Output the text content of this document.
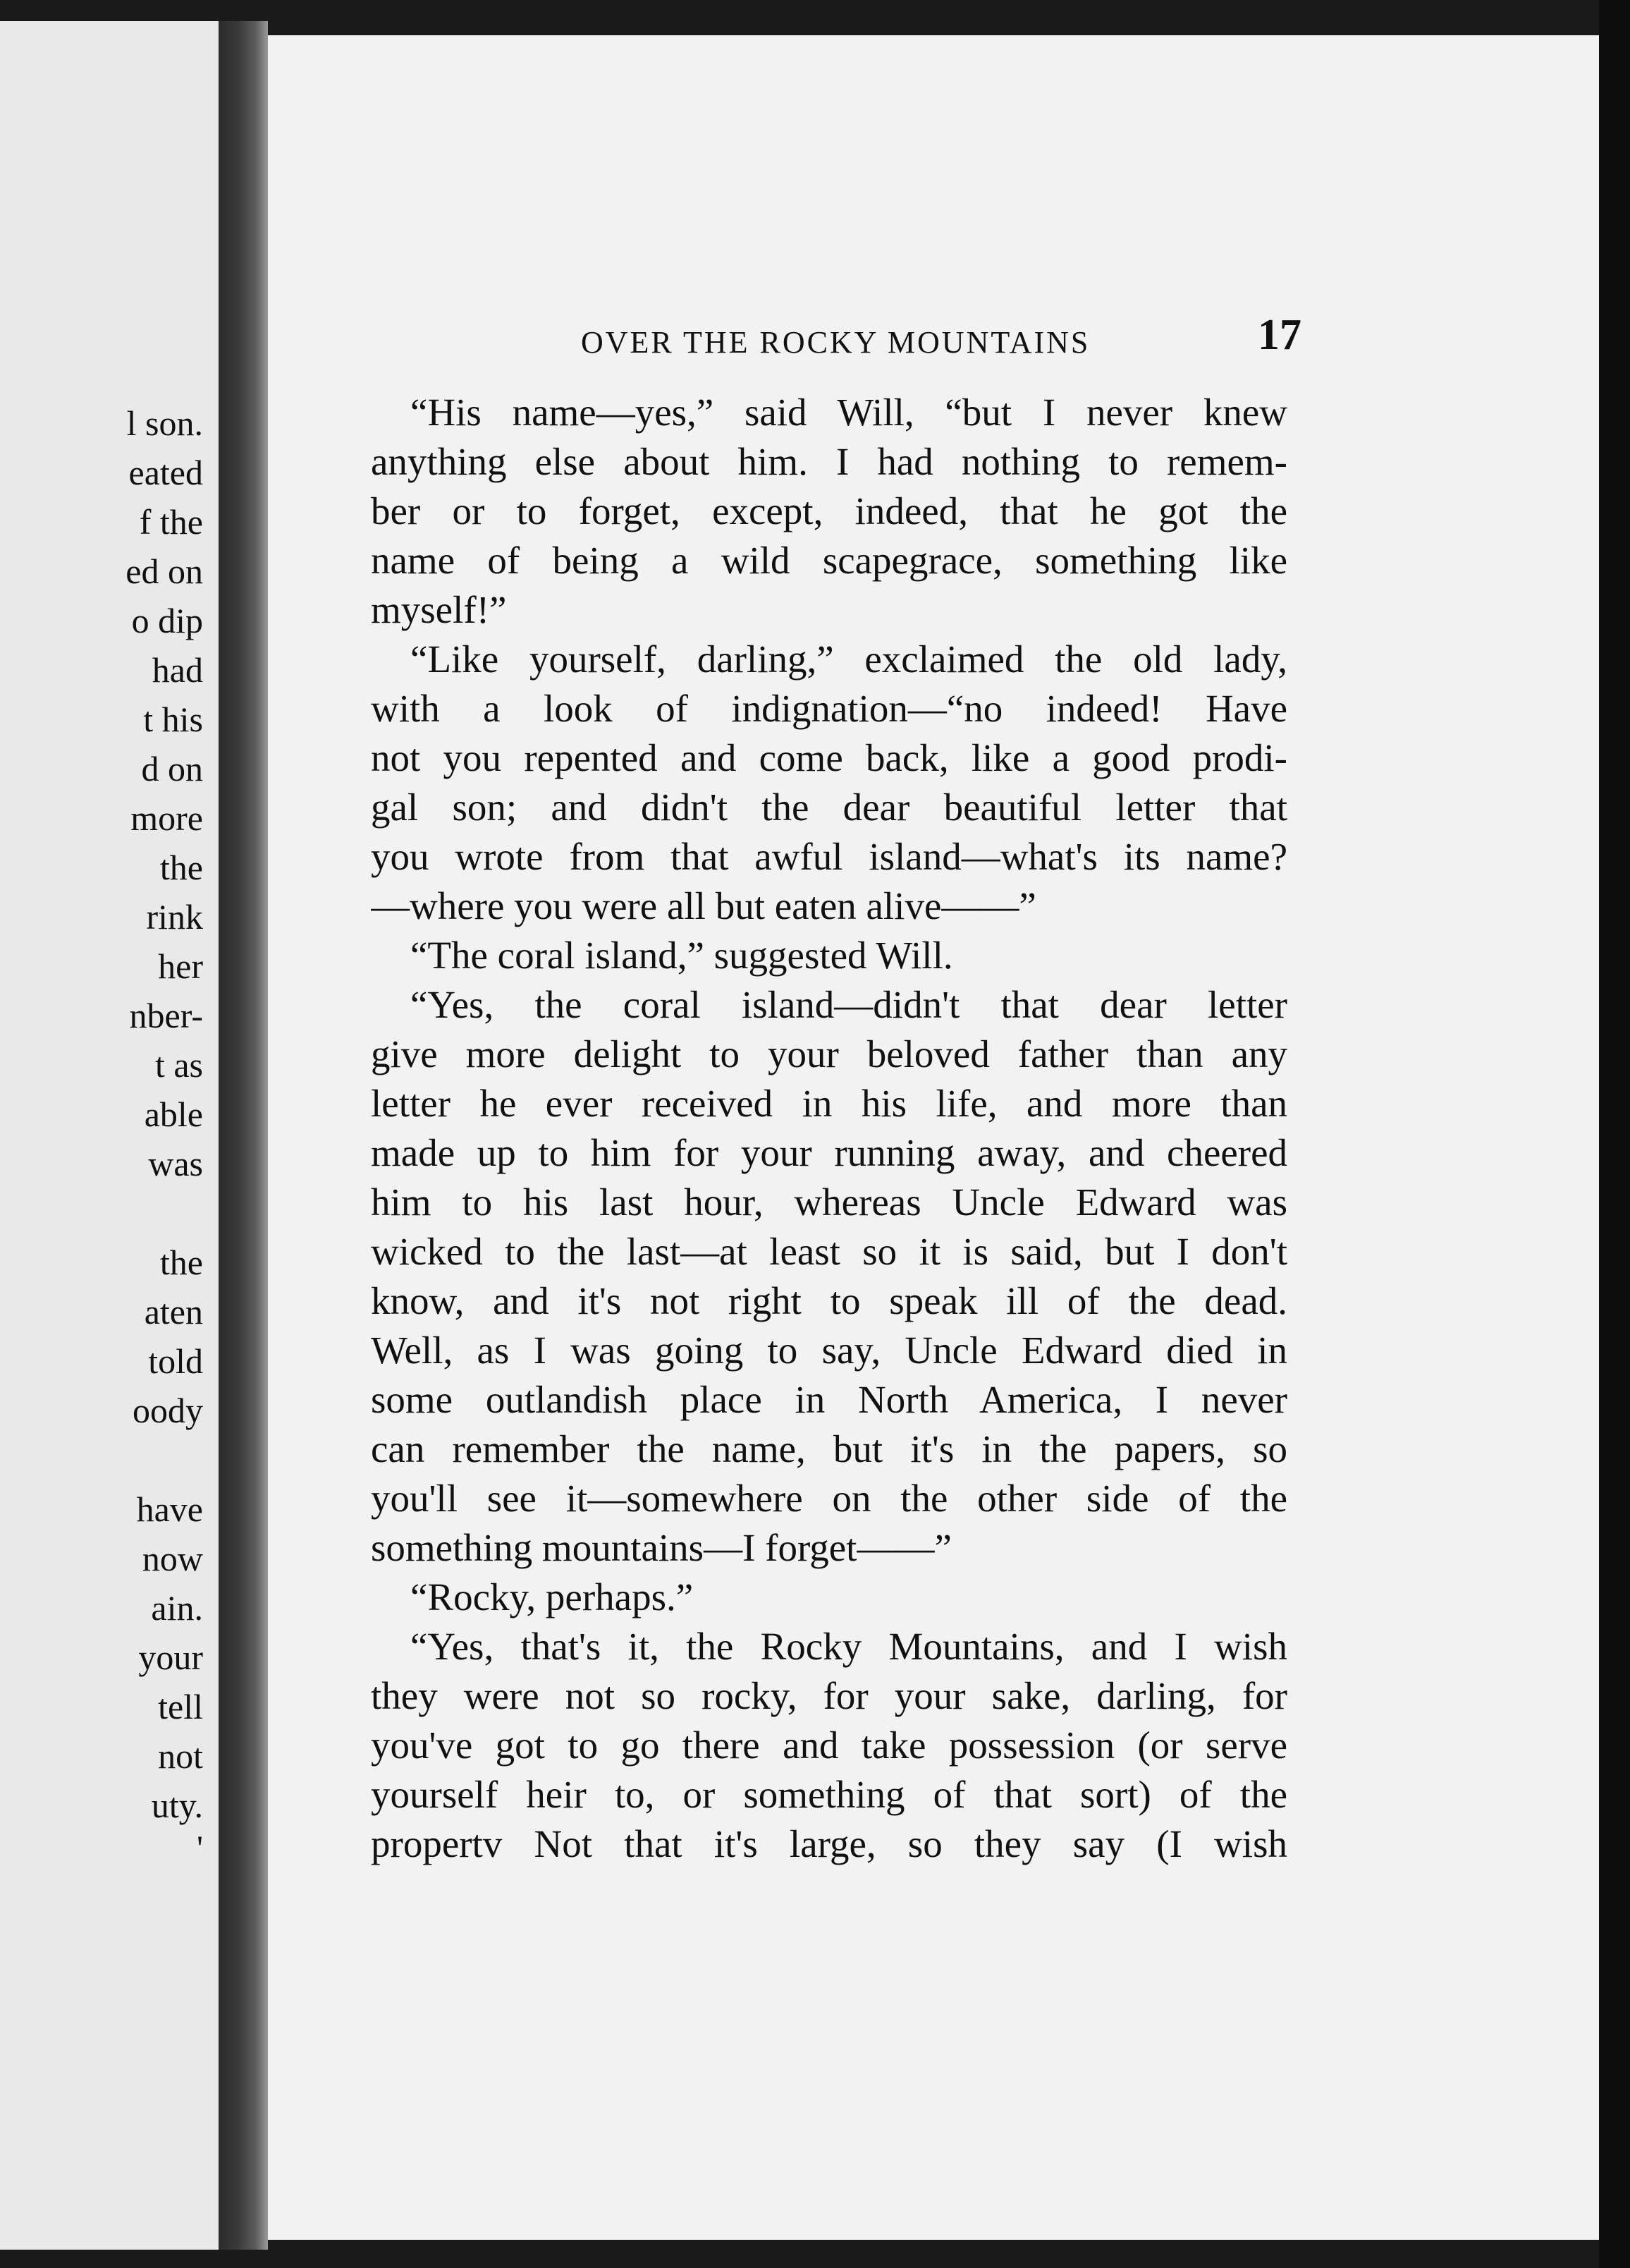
l son.
eated
f the
ed on
o dip
had
t his
d on
more
the
rink
her
nber-
t as
able
was
the
aten
told
oody
have
now
ain.
your
tell
not
uty.
'
OVER THE ROCKY MOUNTAINS	17
“His name—yes,” said Will, “but I never knew
anything else about him. I had nothing to remem-
ber or to forget, except, indeed, that he got the
name of being a wild scapegrace, something like
myself!”
“Like yourself, darling,” exclaimed the old lady,
with a look of indignation—“no indeed! Have
not you repented and come back, like a good prodi-
gal son; and didn't the dear beautiful letter that
you wrote from that awful island—what's its name?
—where you were all but eaten alive——”
“The coral island,” suggested Will.
“Yes, the coral island—didn't that dear letter
give more delight to your beloved father than any
letter he ever received in his life, and more than
made up to him for your running away, and cheered
him to his last hour, whereas Uncle Edward was
wicked to the last—at least so it is said, but I don't
know, and it's not right to speak ill of the dead.
Well, as I was going to say, Uncle Edward died in
some outlandish place in North America, I never
can remember the name, but it's in the papers, so
you'll see it—somewhere on the other side of the
something mountains—I forget——”
“Rocky, perhaps.”
“Yes, that's it, the Rocky Mountains, and I wish
they were not so rocky, for your sake, darling, for
you've got to go there and take possession (or serve
yourself heir to, or something of that sort) of the
propertv Not that it's large, so they say (I wish
